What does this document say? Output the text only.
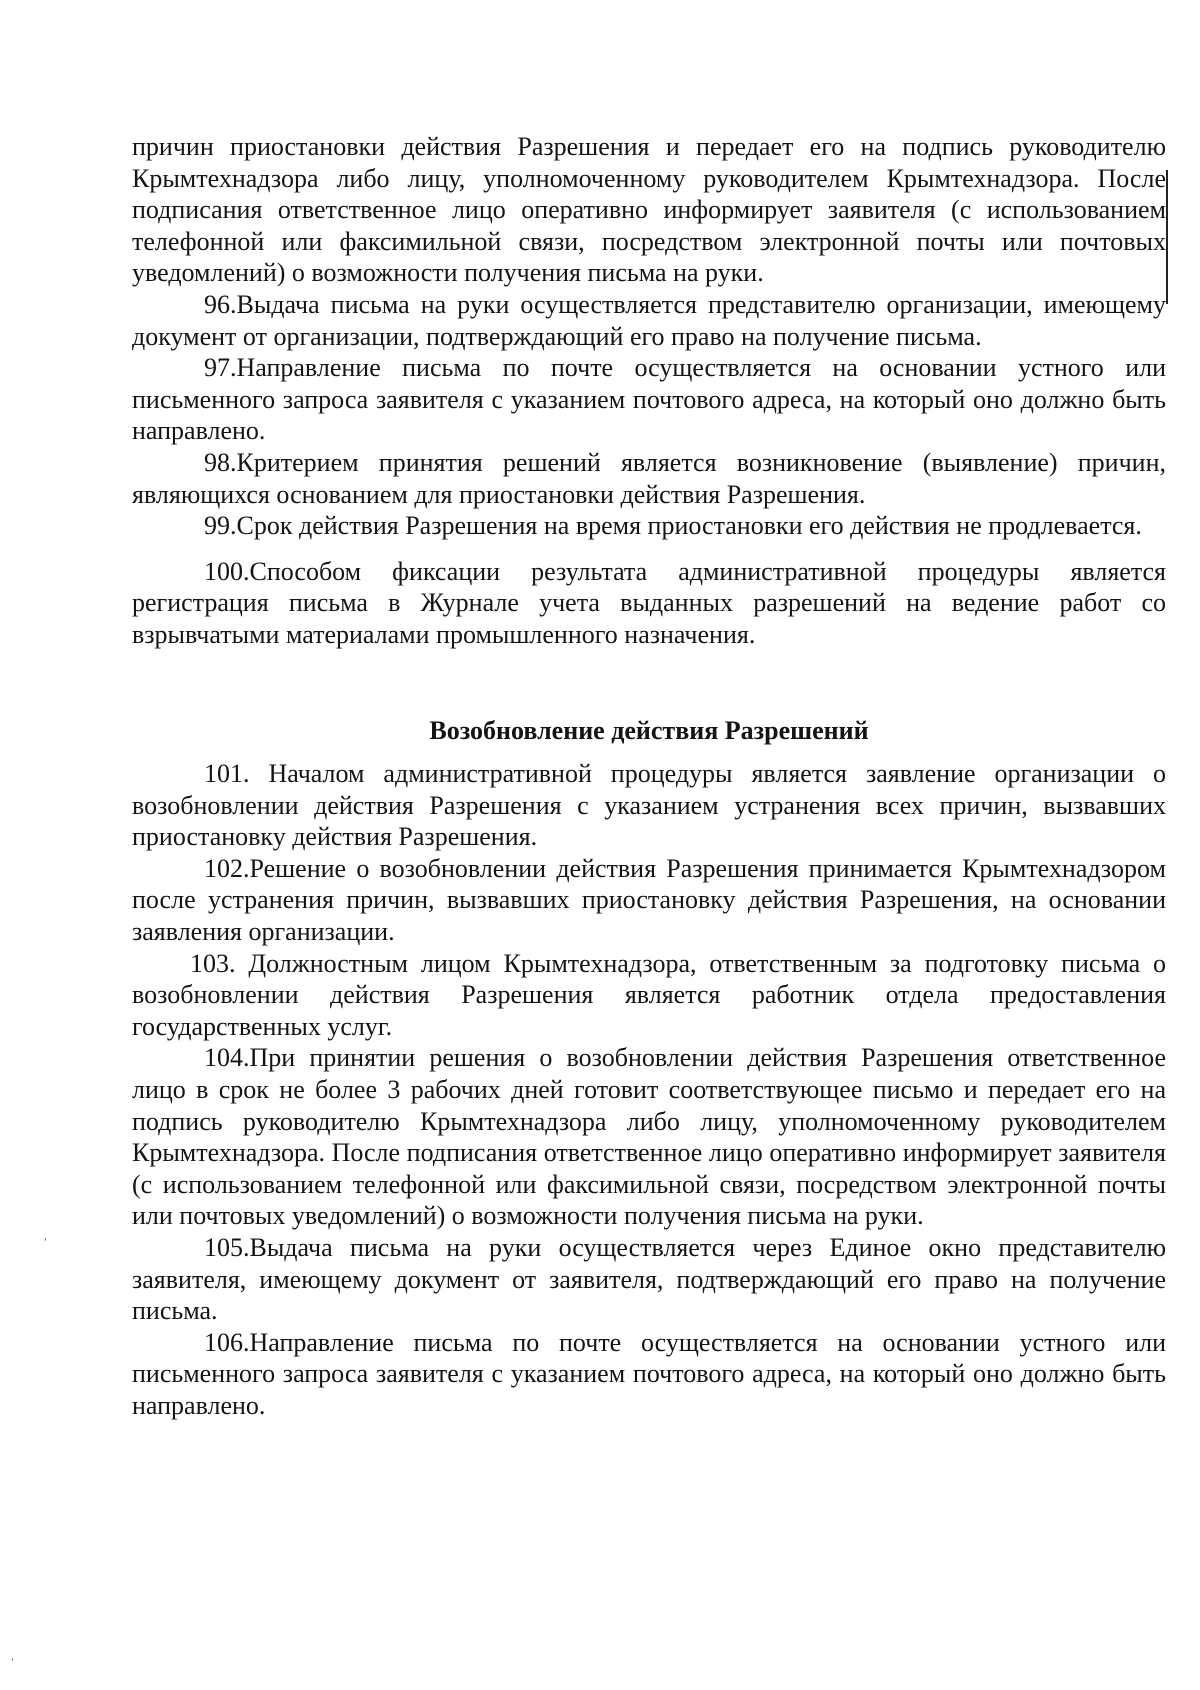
причин приостановки действия Разрешения и передает его на подпись руководителю Крымтехнадзора либо лицу, уполномоченному руководителем Крымтехнадзора. После подписания ответственное лицо оперативно информирует заявителя (с использованием телефонной или факсимильной связи, посредством электронной почты или почтовых уведомлений) о возможности получения письма на руки.

96.Выдача письма на руки осуществляется представителю организации, имеющему документ от организации, подтверждающий его право на получение письма.

97.Направление письма по почте осуществляется на основании устного или письменного запроса заявителя с указанием почтового адреса, на который оно должно быть направлено.

98.Критерием принятия решений является возникновение (выявление) причин, являющихся основанием для приостановки действия Разрешения.

99.Срок действия Разрешения на время приостановки его действия не продлевается.

100.Способом фиксации результата административной процедуры является регистрация письма в Журнале учета выданных разрешений на ведение работ со взрывчатыми материалами промышленного назначения.

Возобновление действия Разрешений

101. Началом административной процедуры является заявление организации о возобновлении действия Разрешения с указанием устранения всех причин, вызвавших приостановку действия Разрешения.

102.Решение о возобновлении действия Разрешения принимается Крымтехнадзором после устранения причин, вызвавших приостановку действия Разрешения, на основании заявления организации.

103. Должностным лицом Крымтехнадзора, ответственным за подготовку письма о возобновлении действия Разрешения является работник отдела предоставления государственных услуг.

104.При принятии решения о возобновлении действия Разрешения ответственное лицо в срок не более 3 рабочих дней готовит соответствующее письмо и передает его на подпись руководителю Крымтехнадзора либо лицу, уполномоченному руководителем Крымтехнадзора. После подписания ответственное лицо оперативно информирует заявителя (с использованием телефонной или факсимильной связи, посредством электронной почты или почтовых уведомлений) о возможности получения письма на руки.

105.Выдача письма на руки осуществляется через Единое окно представителю заявителя, имеющему документ от заявителя, подтверждающий его право на получение письма.

106.Направление письма по почте осуществляется на основании устного или письменного запроса заявителя с указанием почтового адреса, на который оно должно быть направлено.

ˈ
ˈ
